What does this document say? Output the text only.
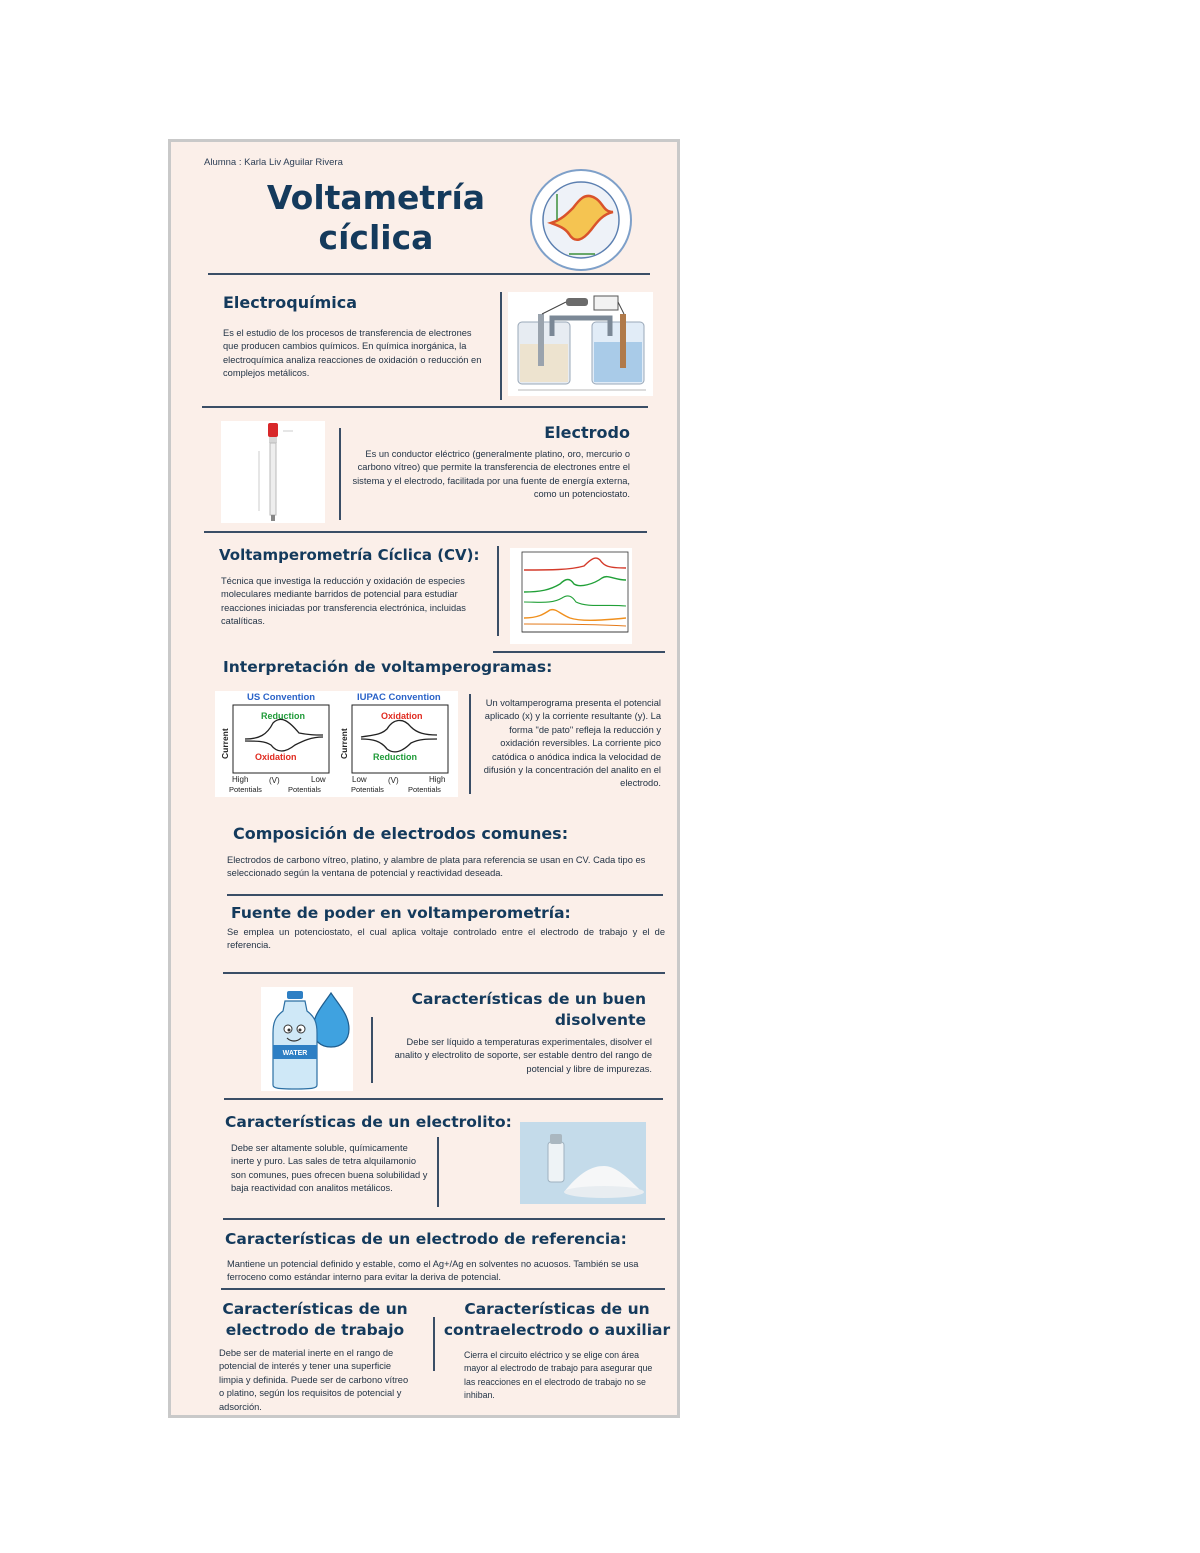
Alumna : Karla Liv Aguilar Rivera
Voltametría
cíclica
Electroquímica
Es el estudio de los procesos de transferencia de electrones que producen cambios químicos. En química inorgánica, la electroquímica analiza reacciones de oxidación o reducción en complejos metálicos.
Electrodo
Es un conductor eléctrico (generalmente platino, oro, mercurio o carbono vítreo) que permite la transferencia de electrones entre el sistema y el electrodo, facilitada por una fuente de energía externa, como un potenciostato.
Voltamperometría Cíclica (CV):
Técnica que investiga la reducción y oxidación de especies moleculares mediante barridos de potencial para estudiar reacciones iniciadas por transferencia electrónica, incluidas catalíticas.
Interpretación de voltamperogramas:
US Convention	IUPAC Convention
Reduction
Oxidation
Oxidation
Reduction
Current	Current
High
Potentials
(V)	Low
Potentials
Low
Potentials
(V)	High
Potentials
Un voltamperograma presenta el potencial aplicado (x) y la corriente resultante (y). La forma "de pato" refleja la reducción y oxidación reversibles. La corriente pico catódica o anódica indica la velocidad de difusión y la concentración del analito en el electrodo.
Composición de electrodos comunes:
Electrodos de carbono vítreo, platino, y alambre de plata para referencia se usan en CV. Cada tipo es seleccionado según la ventana de potencial y reactividad deseada.
Fuente de poder en voltamperometría:
Se emplea un potenciostato, el cual aplica voltaje controlado entre el electrodo de trabajo y el de referencia.
WATER
Características de un buen
disolvente
Debe ser líquido a temperaturas experimentales, disolver el analito y electrolito de soporte, ser estable dentro del rango de potencial y libre de impurezas.
Características de un electrolito:
Debe ser altamente soluble, químicamente inerte y puro. Las sales de tetra alquilamonio son comunes, pues ofrecen buena solubilidad y baja reactividad con analitos metálicos.
Características de un electrodo de referencia:
Mantiene un potencial definido y estable, como el Ag+/Ag en solventes no acuosos. También se usa ferroceno como estándar interno para evitar la deriva de potencial.
Características de un
electrodo de trabajo
Debe ser de material inerte en el rango de potencial de interés y tener una superficie limpia y definida. Puede ser de carbono vítreo o platino, según los requisitos de potencial y adsorción.
Características de un
contraelectrodo o auxiliar
Cierra el circuito eléctrico y se elige con área mayor al electrodo de trabajo para asegurar que las reacciones en el electrodo de trabajo no se inhiban.
